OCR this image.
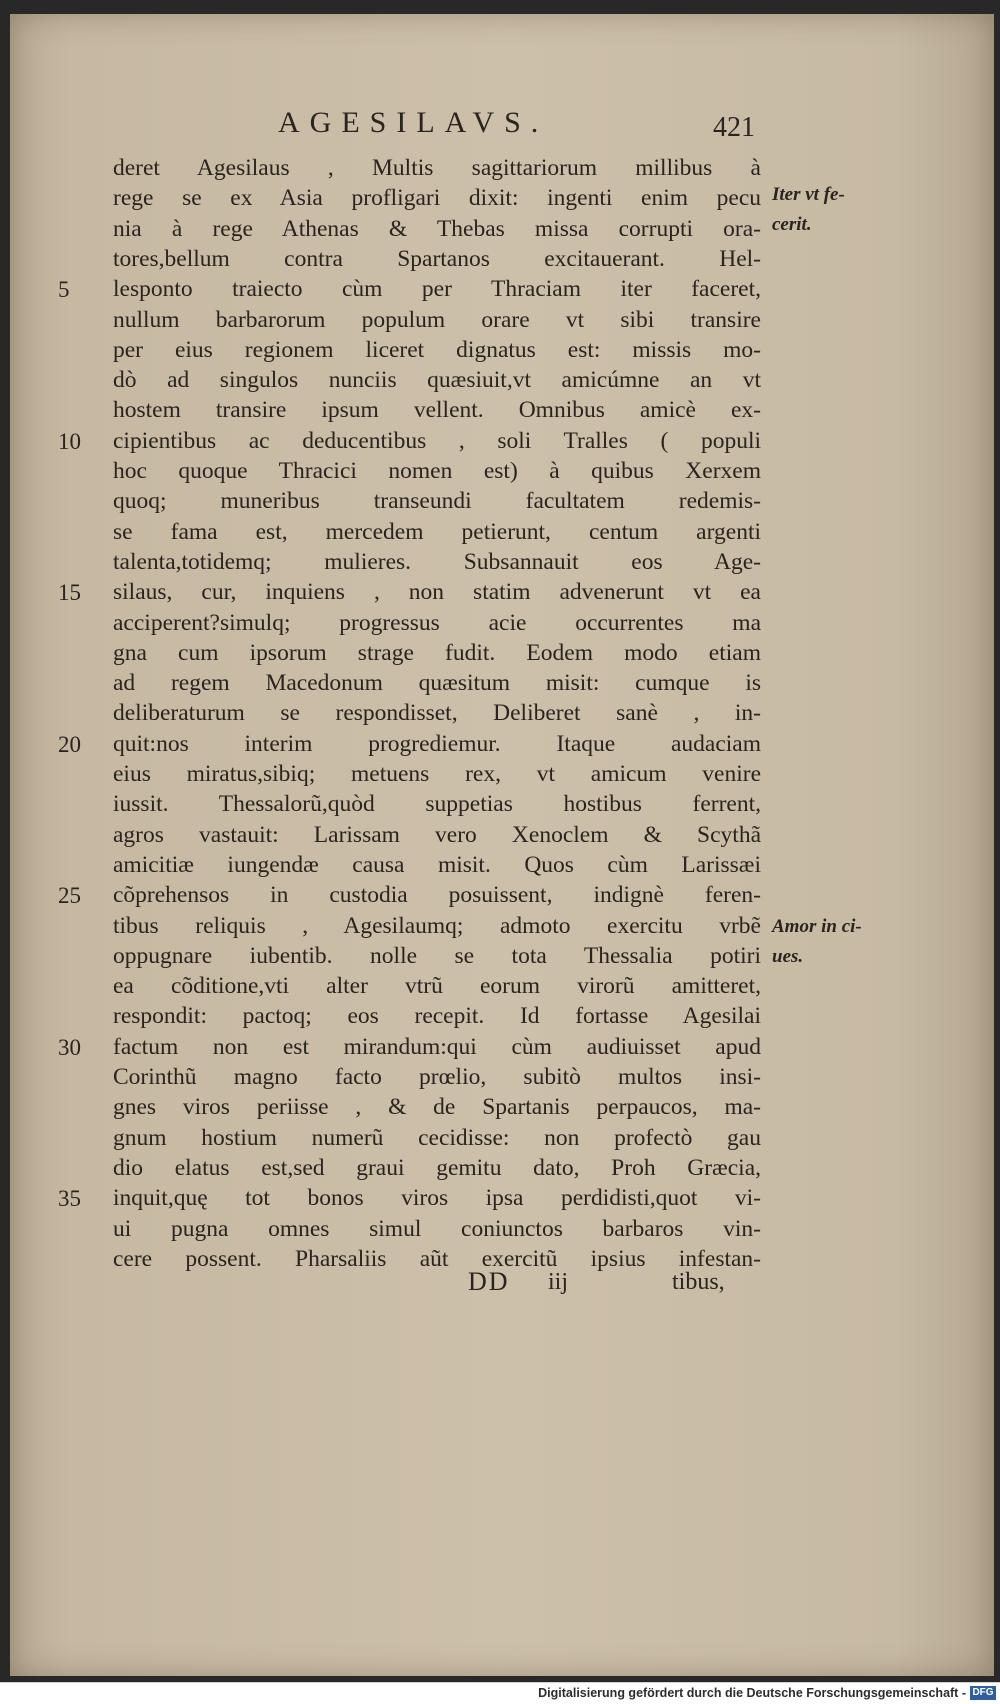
AGESILAVS.	421
deret Agesilaus , Multis sagittariorum millibus à
rege se ex Asia profligari dixit: ingenti enim pecu
nia à rege Athenas & Thebas missa corrupti ora-
tores,bellum contra Spartanos excitauerant. Hel-
5	lesponto traiecto cùm per Thraciam iter faceret,
nullum barbarorum populum orare vt sibi transire
per eius regionem liceret dignatus est: missis mo-
dò ad singulos nunciis quæsiuit,vt amicúmne an vt
hostem transire ipsum vellent. Omnibus amicè ex-
10	cipientibus ac deducentibus , soli Tralles ( populi
hoc quoque Thracici nomen est) à quibus Xerxem
quoq; muneribus transeundi facultatem redemis-
se fama est, mercedem petierunt, centum argenti
talenta,totidemq; mulieres. Subsannauit eos Age-
15	silaus, cur, inquiens , non statim advenerunt vt ea
acciperent?simulq; progressus acie occurrentes ma
gna cum ipsorum strage fudit. Eodem modo etiam
ad regem Macedonum quæsitum misit: cumque is
deliberaturum se respondisset, Deliberet sanè , in-
20	quit:nos interim progrediemur. Itaque audaciam
eius miratus,sibiq; metuens rex, vt amicum venire
iussit. Thessalorũ,quòd suppetias hostibus ferrent,
agros vastauit: Larissam vero Xenoclem & Scythã
amicitiæ iungendæ causa misit. Quos cùm Larissæi
25	cõprehensos in custodia posuissent, indignè feren-
tibus reliquis , Agesilaumq; admoto exercitu vrbẽ
oppugnare iubentib. nolle se tota Thessalia potiri
ea cõditione,vti alter vtrũ eorum virorũ amitteret,
respondit: pactoq; eos recepit. Id fortasse Agesilai
30	factum non est mirandum:qui cùm audiuisset apud
Corinthũ magno facto prœlio, subitò multos insi-
gnes viros periisse , & de Spartanis perpaucos, ma-
gnum hostium numerũ cecidisse: non profectò gau
dio elatus est,sed graui gemitu dato, Proh Græcia,
35	inquit,quę tot bonos viros ipsa perdidisti,quot vi-
ui pugna omnes simul coniunctos barbaros vin-
cere possent. Pharsaliis aũt exercitũ ipsius infestan-
Iter vt fe-
cerit.
Amor in ci-
ues.
DD iij	tibus,
Digitalisierung gefördert durch die Deutsche Forschungsgemeinschaft - DFG
